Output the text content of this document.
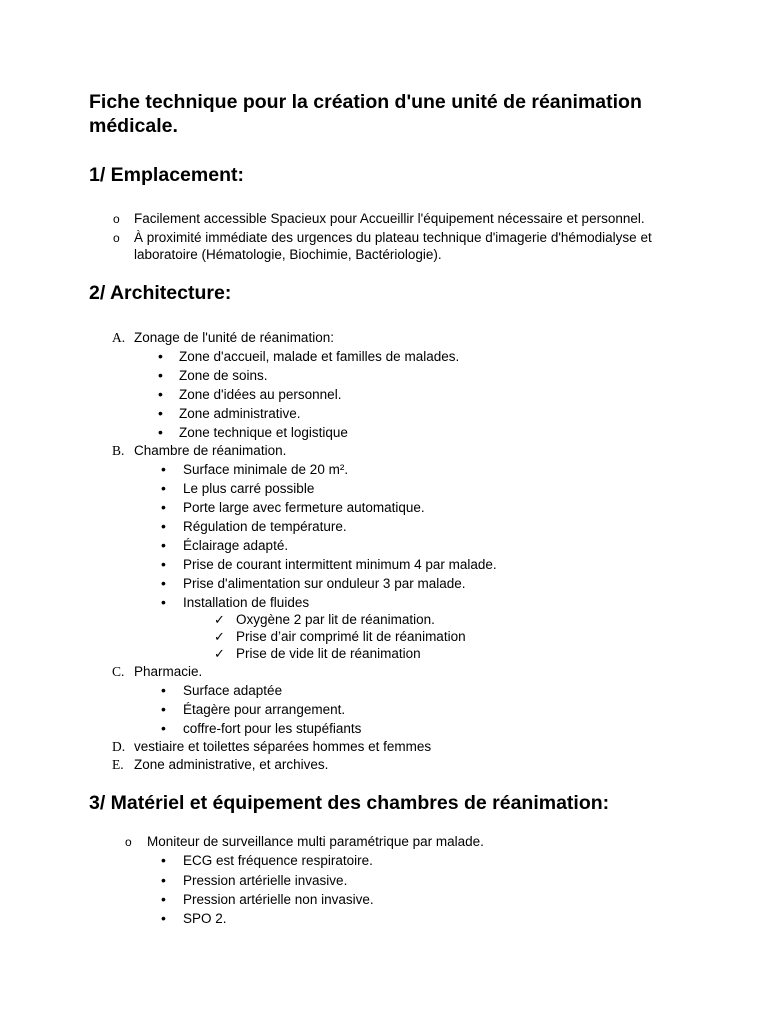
Fiche technique pour la création d'une unité de réanimation médicale.
1/ Emplacement:
o Facilement accessible Spacieux pour Accueillir l'équipement nécessaire et personnel.
o À proximité immédiate des urgences du plateau technique d'imagerie d'hémodialyse et laboratoire (Hématologie, Biochimie, Bactériologie).
2/ Architecture:
A. Zonage de l'unité de réanimation:
• Zone d'accueil, malade et familles de malades.
• Zone de soins.
• Zone d'idées au personnel.
• Zone administrative.
• Zone technique et logistique
B. Chambre de réanimation.
• Surface minimale de 20 m².
• Le plus carré possible
• Porte large avec fermeture automatique.
• Régulation de température.
• Éclairage adapté.
• Prise de courant intermittent minimum 4 par malade.
• Prise d'alimentation sur onduleur 3 par malade.
• Installation de fluides
✓ Oxygène 2 par lit de réanimation.
✓ Prise d’air comprimé lit de réanimation
✓ Prise de vide lit de réanimation
C. Pharmacie.
• Surface adaptée
• Étagère pour arrangement.
• coffre-fort pour les stupéfiants
D. vestiaire et toilettes séparées hommes et femmes
E. Zone administrative, et archives.
3/ Matériel et équipement des chambres de réanimation:
o Moniteur de surveillance multi paramétrique par malade.
• ECG est fréquence respiratoire.
• Pression artérielle invasive.
• Pression artérielle non invasive.
• SPO 2.
